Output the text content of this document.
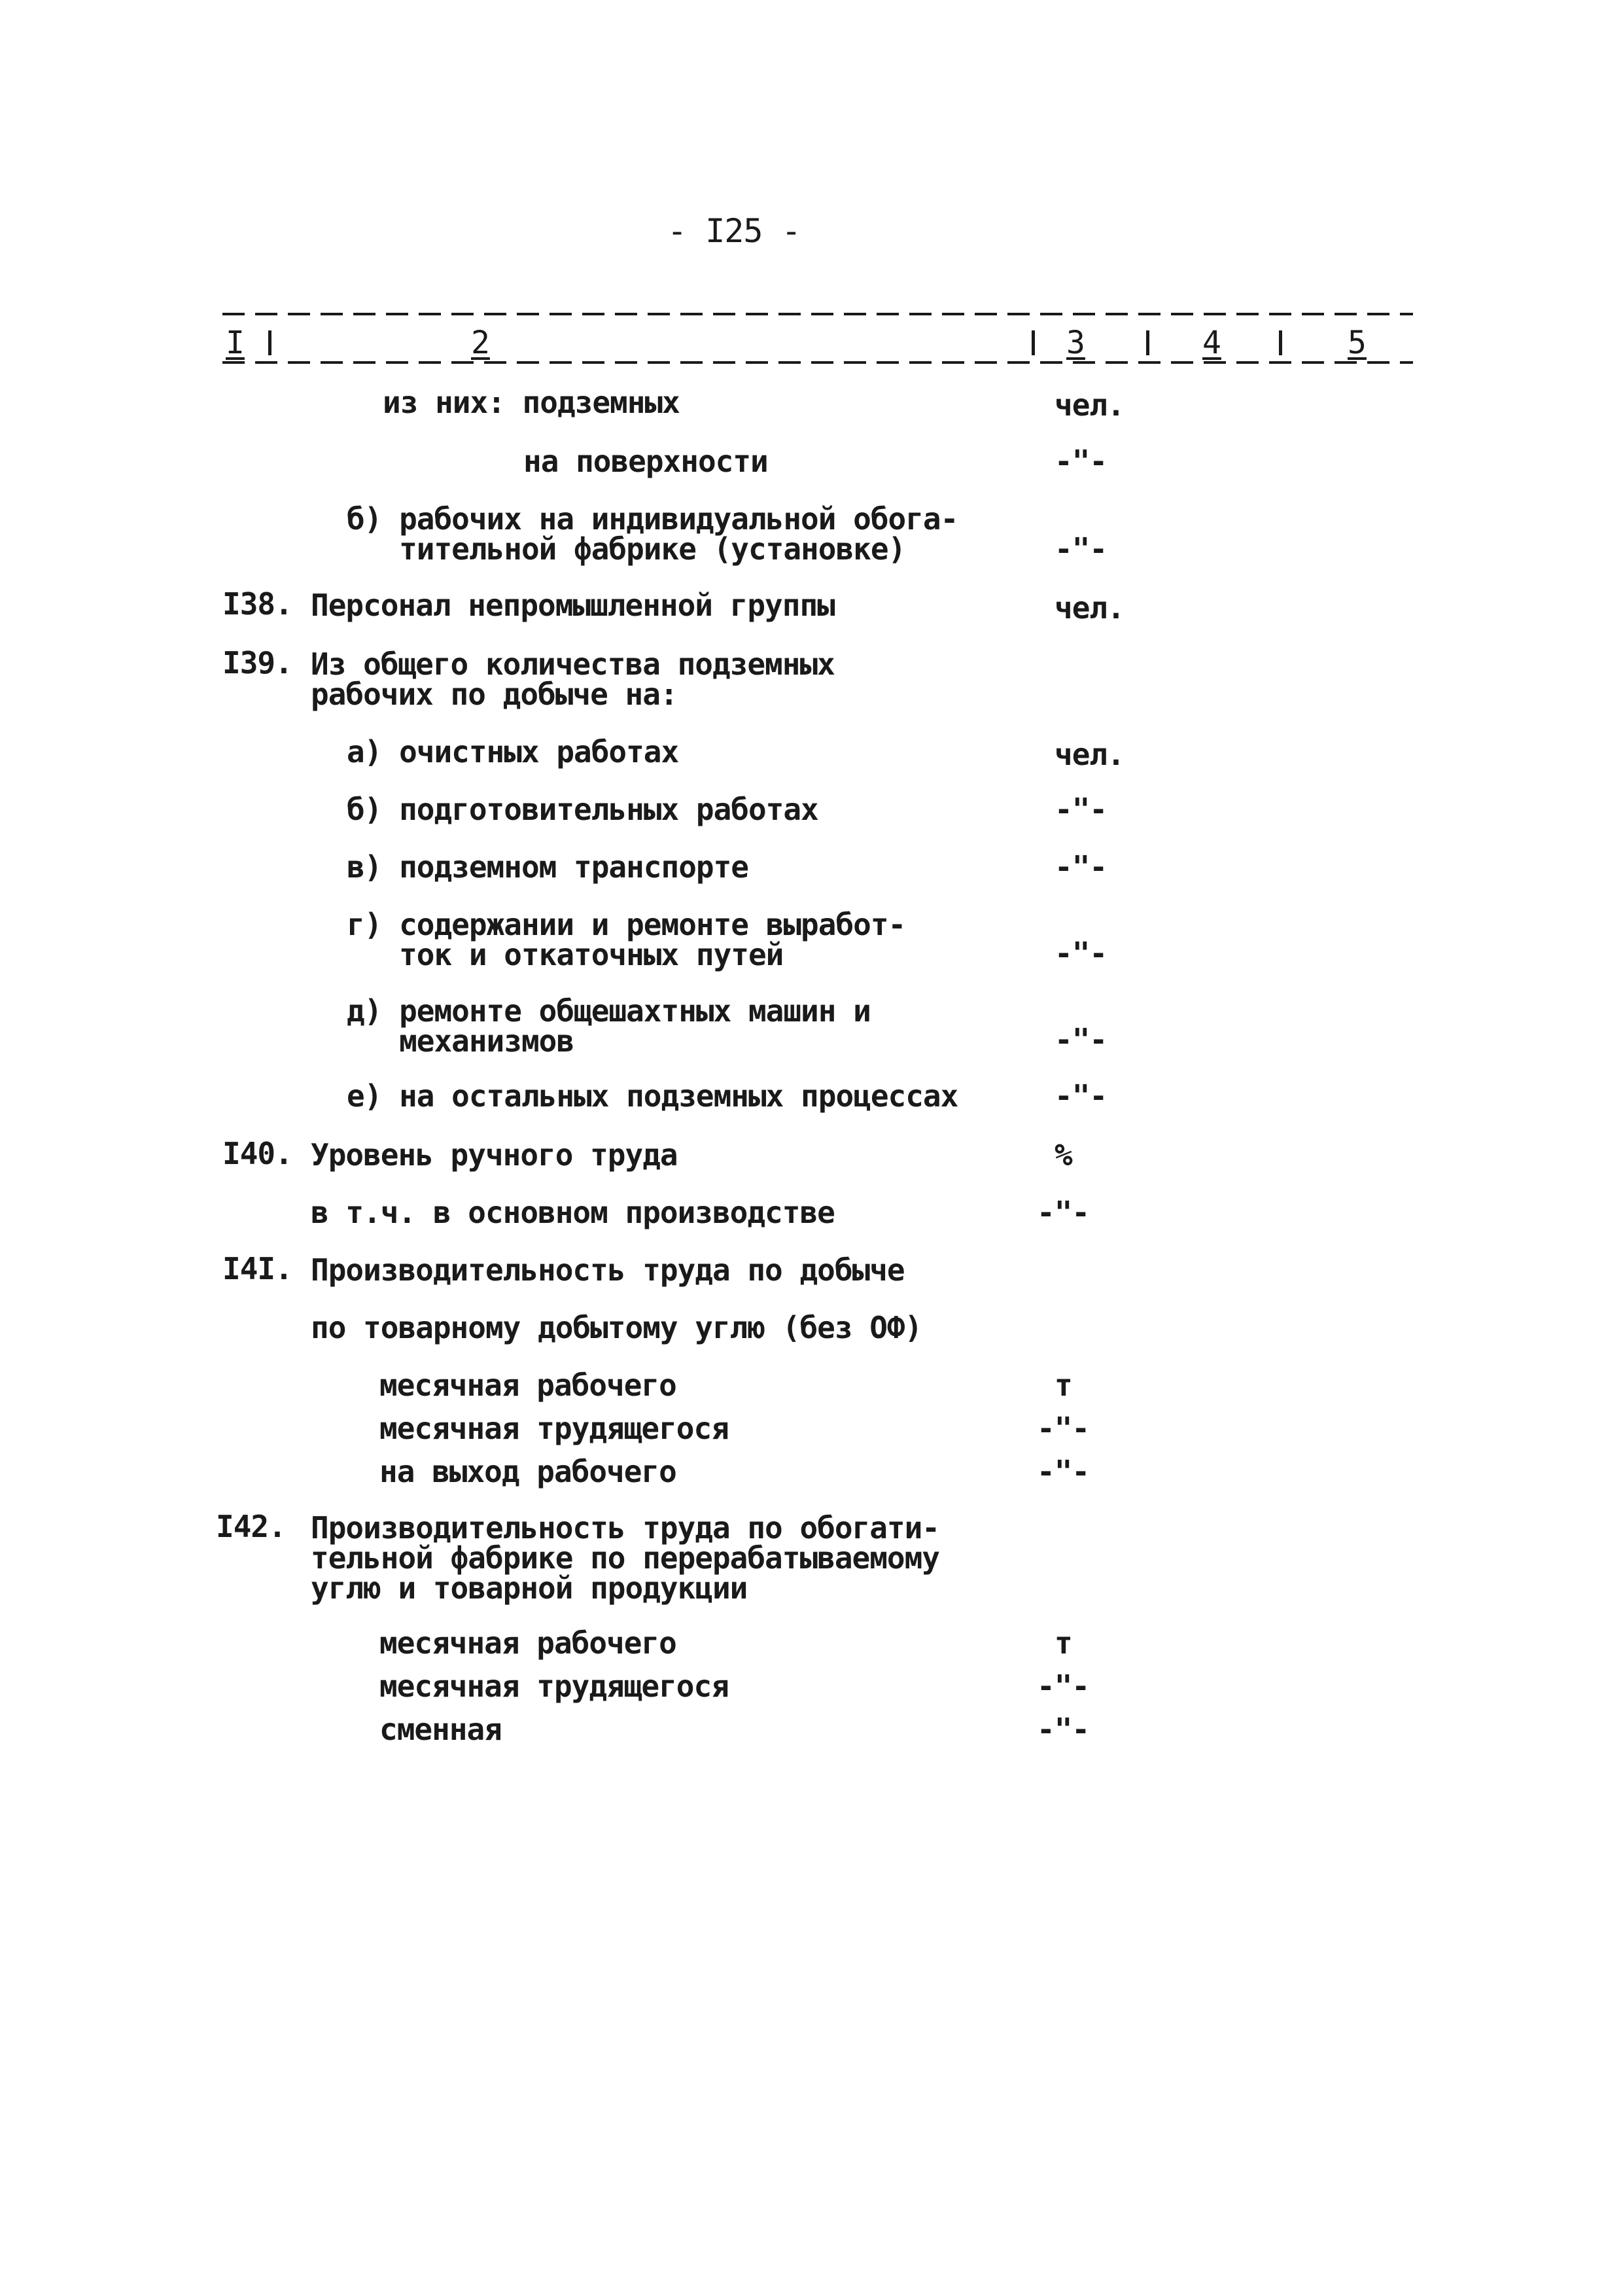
- I25 -
I	2	3	4	5
из них: подземных	чел.
на поверхности	-"-
б) рабочих на индивидуальной обога-
тительной фабрике (установке)	-"-
I38. Персонал непромышленной группы	чел.
I39. Из общего количества подземных
рабочих по добыче на:
а) очистных работах	чел.
б) подготовительных работах	-"-
в) подземном транспорте	-"-
г) содержании и ремонте выработ-
ток и откаточных путей	-"-
д) ремонте общешахтных машин и
механизмов	-"-
е) на остальных подземных процессах	-"-
I40. Уровень ручного труда	%
в т.ч. в основном производстве	-"-
I4I. Производительность труда по добыче
по товарному добытому углю (без ОФ)
месячная рабочего	т
месячная трудящегося	-"-
на выход рабочего	-"-
I42. Производительность труда по обогати-
тельной фабрике по перерабатываемому
углю и товарной продукции
месячная рабочего	т
месячная трудящегося	-"-
сменная	-"-
